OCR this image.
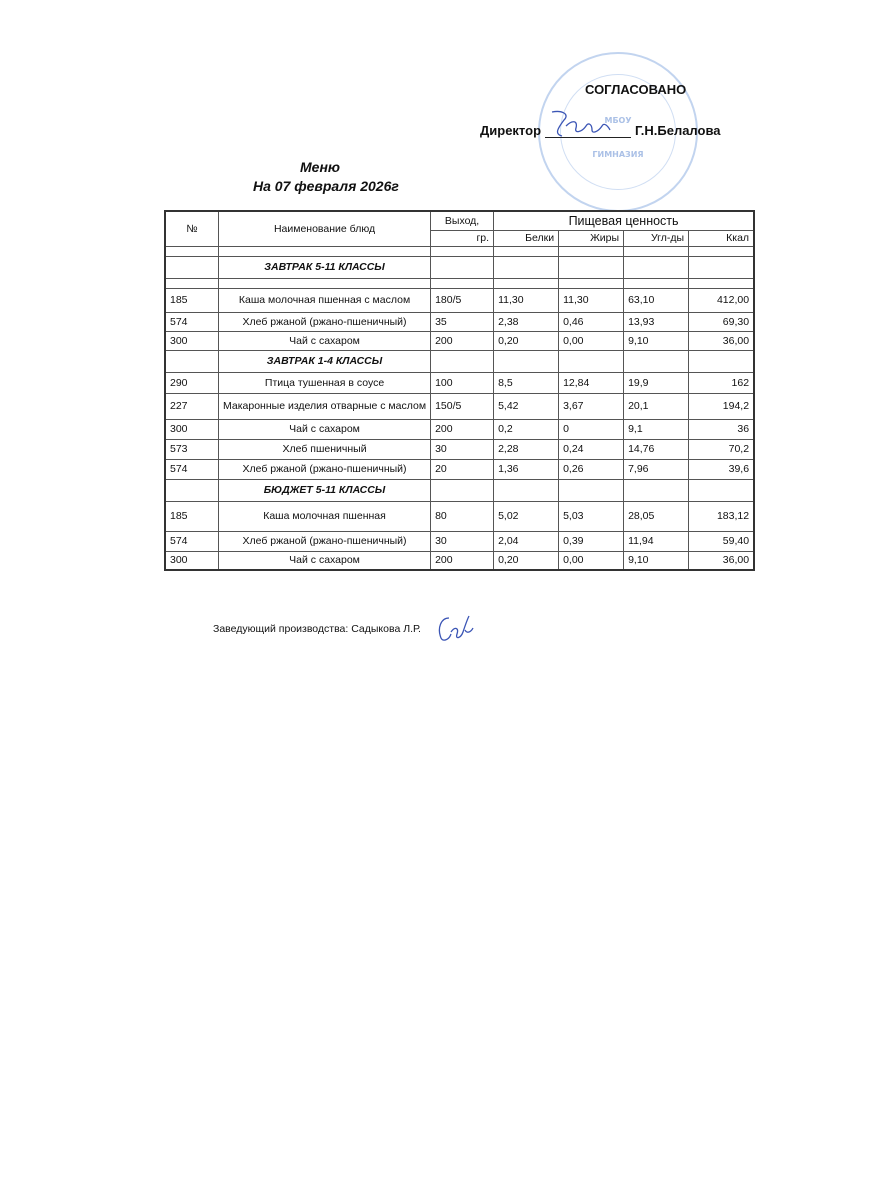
МБОУ
ГИМНАЗИЯ
СОГЛАСОВАНО
Директор	Г.Н.Белалова
Меню
На 07 февраля 2026г
№	Наименование блюд	Выход,	Пищевая ценность			
		гр.	Белки	Жиры	Угл-ды	Ккал

	ЗАВТРАК 5-11 КЛАССЫ					

185	Каша молочная пшенная с маслом	180/5	11,30	11,30	63,10	412,00
574	Хлеб ржаной (ржано-пшеничный)	35	2,38	0,46	13,93	69,30
300	Чай с сахаром	200	0,20	0,00	9,10	36,00
	ЗАВТРАК 1-4 КЛАССЫ					
290	Птица тушенная в соусе	100	8,5	12,84	19,9	162
227	Макаронные изделия отварные с маслом	150/5	5,42	3,67	20,1	194,2
300	Чай с сахаром	200	0,2	0	9,1	36
573	Хлеб пшеничный	30	2,28	0,24	14,76	70,2
574	Хлеб ржаной (ржано-пшеничный)	20	1,36	0,26	7,96	39,6
	БЮДЖЕТ 5-11 КЛАССЫ					
185	Каша молочная пшенная	80	5,02	5,03	28,05	183,12
574	Хлеб ржаной (ржано-пшеничный)	30	2,04	0,39	11,94	59,40
300	Чай с сахаром	200	0,20	0,00	9,10	36,00
Заведующий производства: Садыкова Л.Р.
